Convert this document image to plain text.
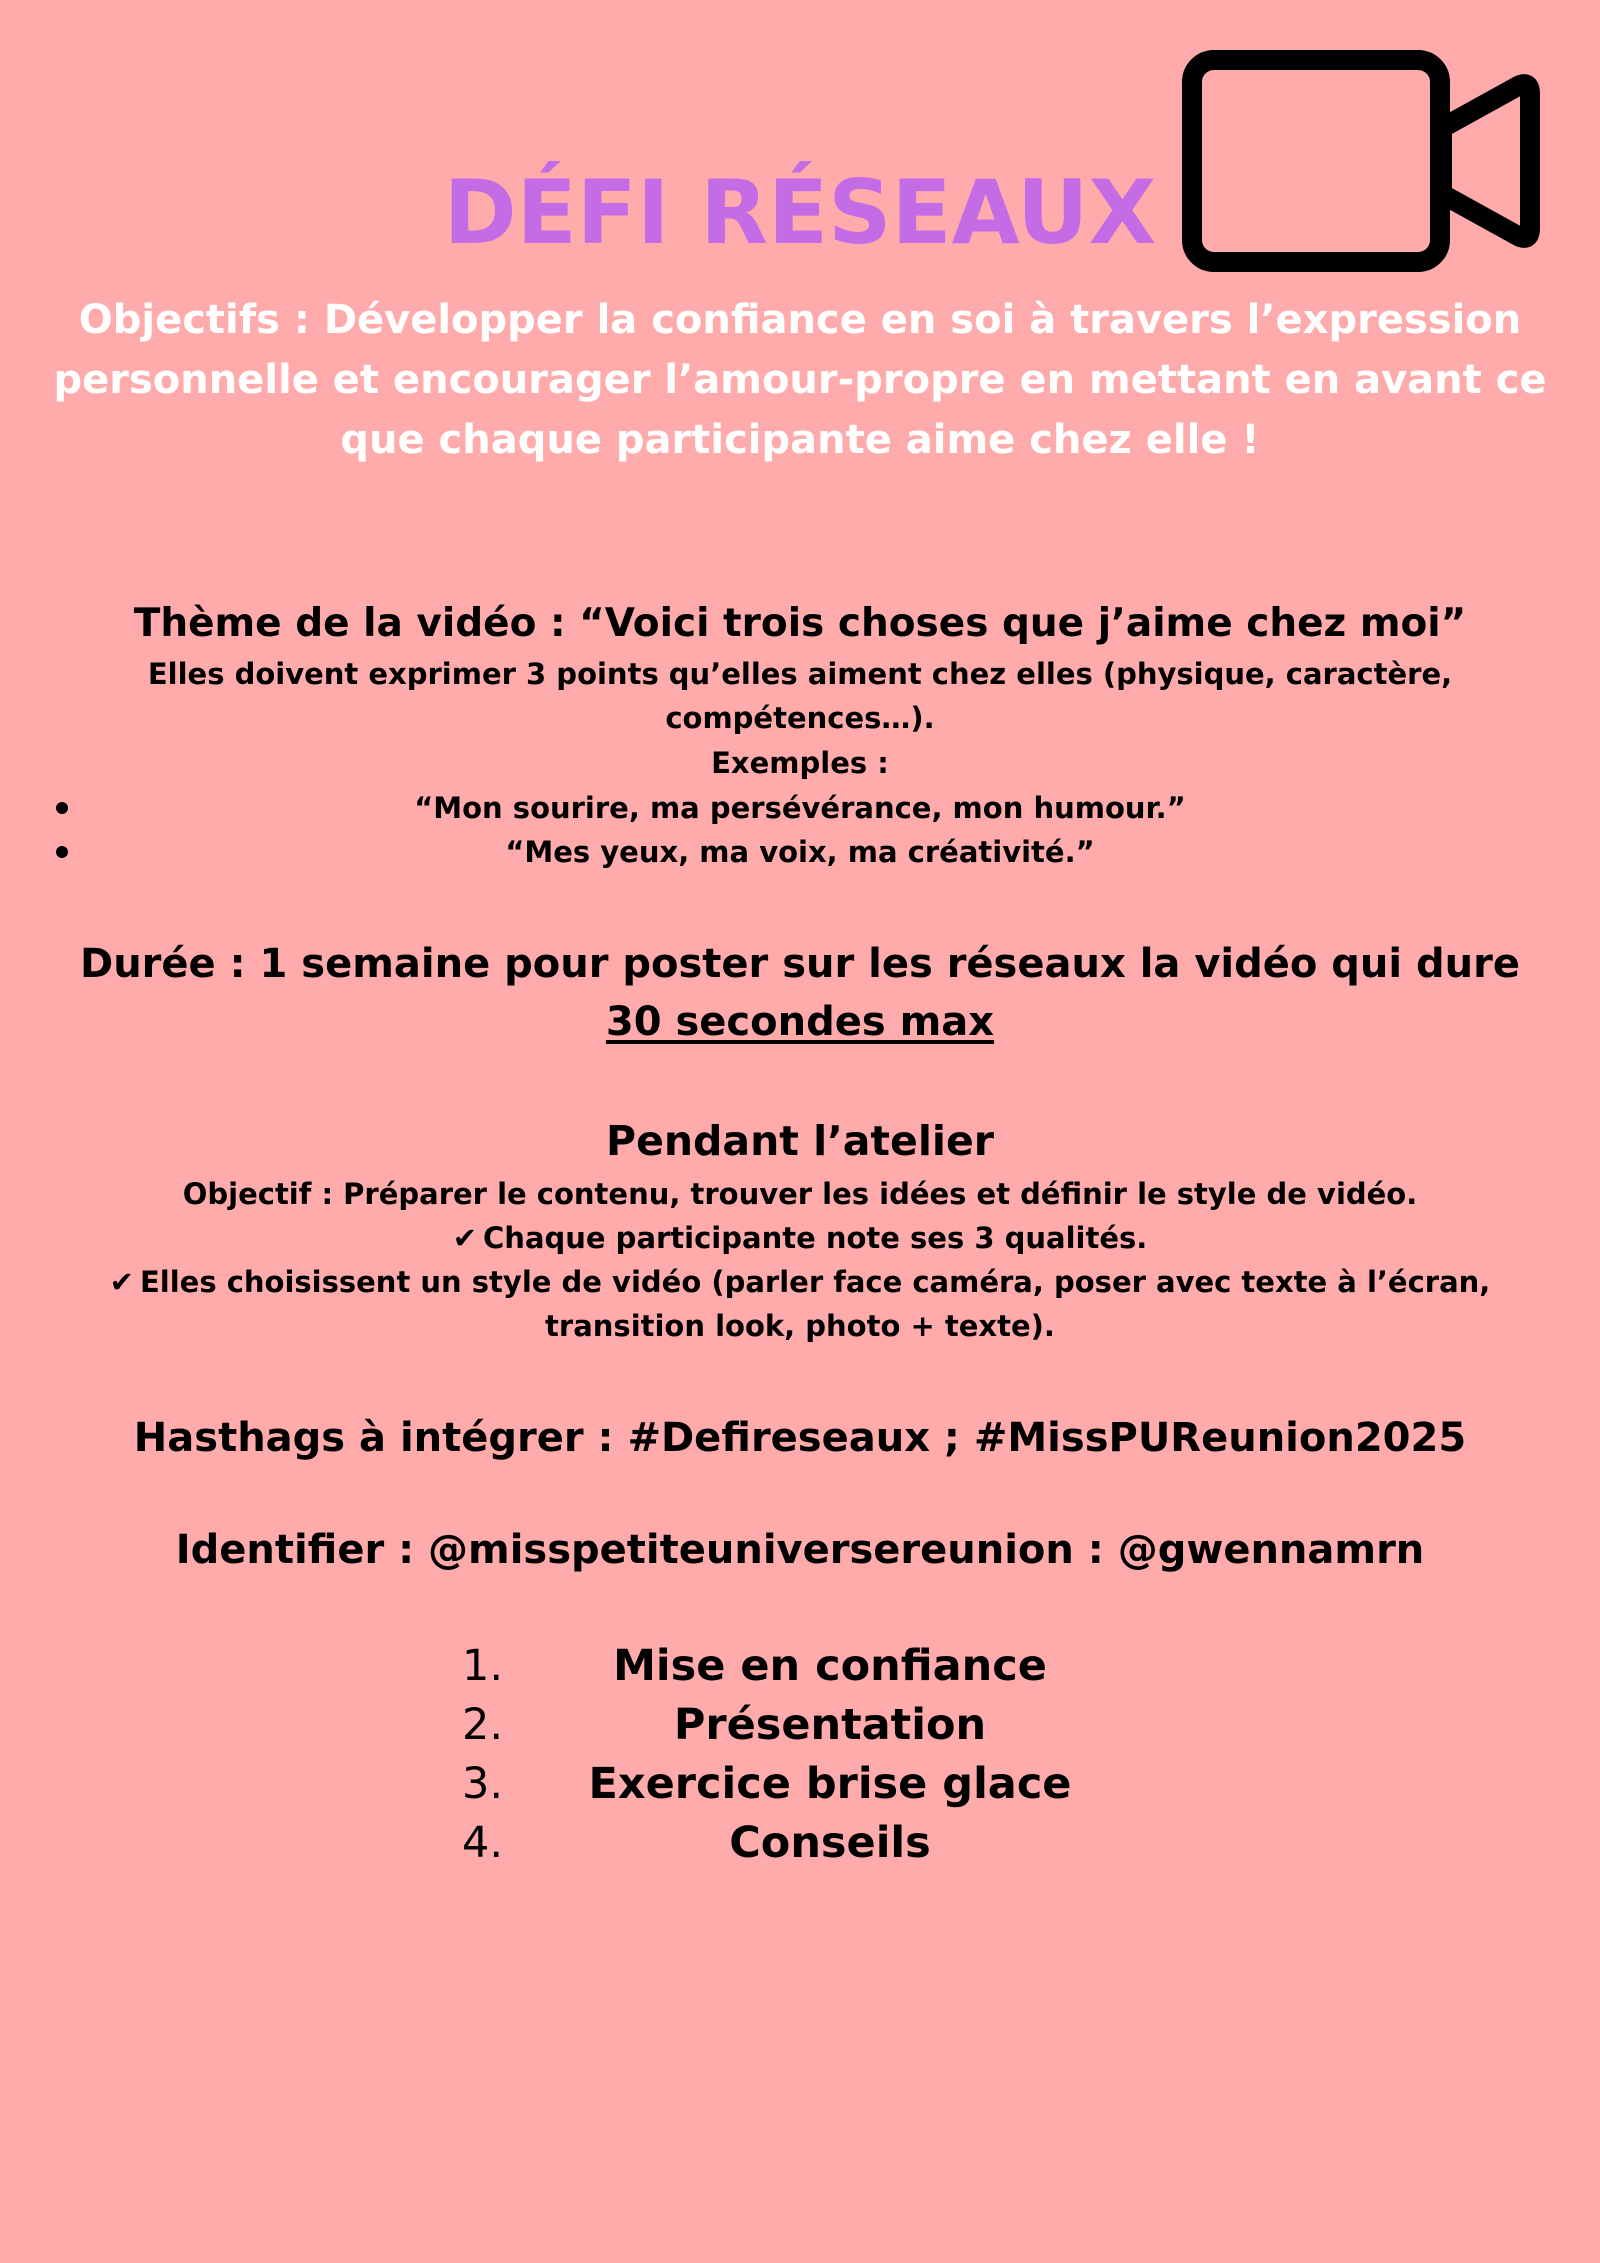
DÉFI RÉSEAUX
Objectifs : Développer la confiance en soi à travers l’expression personnelle et encourager l’amour-propre en mettant en avant ce que chaque participante aime chez elle !
Thème de la vidéo : “Voici trois choses que j’aime chez moi”
Elles doivent exprimer 3 points qu’elles aiment chez elles (physique, caractère, compétences…).
Exemples :
“Mon sourire, ma persévérance, mon humour.”
“Mes yeux, ma voix, ma créativité.”
Durée : 1 semaine pour poster sur les réseaux la vidéo qui dure 30 secondes max
Pendant l’atelier
Objectif : Préparer le contenu, trouver les idées et définir le style de vidéo.
✔ Chaque participante note ses 3 qualités.
✔ Elles choisissent un style de vidéo (parler face caméra, poser avec texte à l’écran, transition look, photo + texte).
Hasthags à intégrer : #Defireseaux ; #MissPUReunion2025
Identifier : @misspetiteuniversereunion : @gwennamrn
1.	Mise en confiance
2.	Présentation
3. Exercice brise glace
4.	Conseils
